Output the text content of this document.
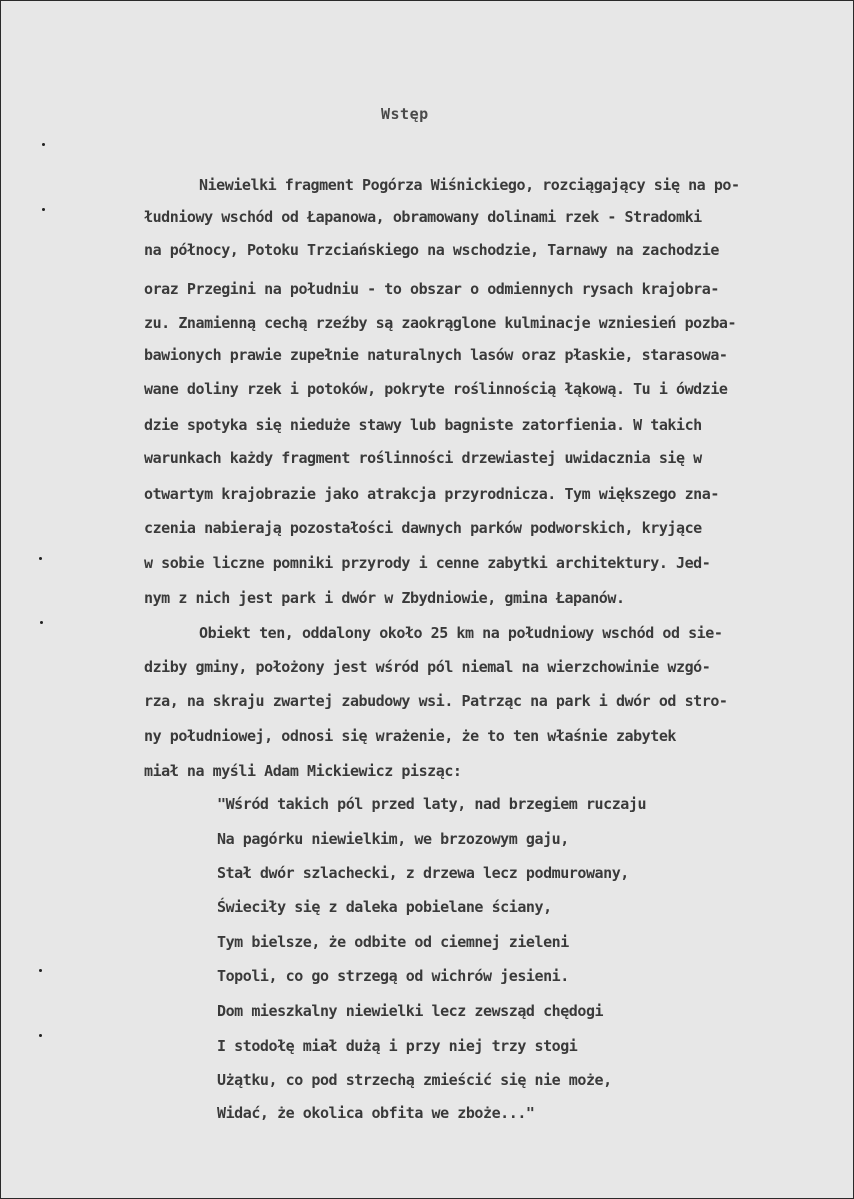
Wstęp
Niewielki fragment Pogórza Wiśnickiego, rozciągający się na po-
łudniowy wschód od Łapanowa, obramowany dolinami rzek - Stradomki
na północy, Potoku Trzciańskiego na wschodzie, Tarnawy na zachodzie
oraz Przegini na południu - to obszar o odmiennych rysach krajobra-
zu. Znamienną cechą rzeźby są zaokrąglone kulminacje wzniesień pozba-
bawionych prawie zupełnie naturalnych lasów oraz płaskie, starasowa-
wane doliny rzek i potoków, pokryte roślinnością łąkową. Tu i ówdzie
dzie spotyka się nieduże stawy lub bagniste zatorfienia. W takich
warunkach każdy fragment roślinności drzewiastej uwidacznia się w
otwartym krajobrazie jako atrakcja przyrodnicza. Tym większego zna-
czenia nabierają pozostałości dawnych parków podworskich, kryjące
w sobie liczne pomniki przyrody i cenne zabytki architektury. Jed-
nym z nich jest park i dwór w Zbydniowie, gmina Łapanów.
Obiekt ten, oddalony około 25 km na południowy wschód od sie-
dziby gminy, położony jest wśród pól niemal na wierzchowinie wzgó-
rza, na skraju zwartej zabudowy wsi. Patrząc na park i dwór od stro-
ny południowej, odnosi się wrażenie, że to ten właśnie zabytek
miał na myśli Adam Mickiewicz pisząc:
"Wśród takich pól przed laty, nad brzegiem ruczaju
Na pagórku niewielkim, we brzozowym gaju,
Stał dwór szlachecki, z drzewa lecz podmurowany,
Świeciły się z daleka pobielane ściany,
Tym bielsze, że odbite od ciemnej zieleni
Topoli, co go strzegą od wichrów jesieni.
Dom mieszkalny niewielki lecz zewsząd chędogi
I stodołę miał dużą i przy niej trzy stogi
Użątku, co pod strzechą zmieścić się nie może,
Widać, że okolica obfita we zboże..."
